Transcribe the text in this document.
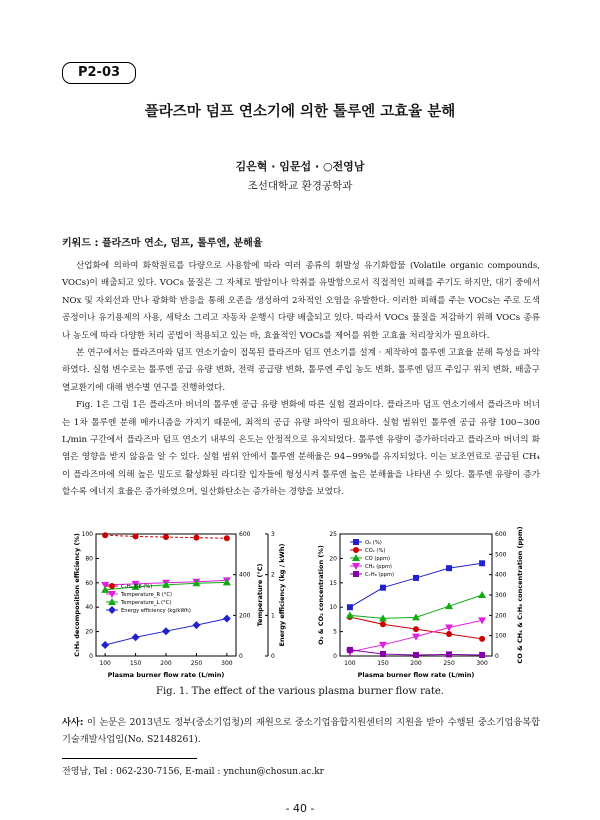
P2-03
플라즈마 덤프 연소기에 의한 톨루엔 고효율 분해
김은혁 · 임문섭 · ○전영남
조선대학교 환경공학과
키워드 : 플라즈마 연소, 덤프, 톨루엔, 분해율

산업화에 의하여 화학원료를 다량으로 사용함에 따라 여러 종류의 휘발성 유기화합물 (Volatile organic compounds, VOCs)이 배출되고 있다. VOCs 물질은 그 자체로 발암이나 악취를 유발함으로서 직접적인 피해를 주기도 하지만, 대기 중에서 NOx 및 자외선과 만나 광화학 반응을 통해 오존을 생성하여 2차적인 오염을 유발한다. 이러한 피해를 주는 VOCs는 주로 도색공정이나 유기용제의 사용, 세탁소 그리고 자동차 운행시 다량 배출되고 있다. 따라서 VOCs 물질을 저감하기 위해 VOCs 종류나 농도에 따라 다양한 처리 공법이 적용되고 있는 바, 효율적인 VOCs를 제어를 위한 고효율 처리장치가 필요하다.

본 연구에서는 플라즈마와 덤프 연소기술이 접목된 플라즈마 덤프 연소기를 설계 · 제작하여 톨루엔 고효율 분해 특성을 파악하였다. 실험 변수로는 톨루엔 공급 유량 변화, 전력 공급량 변화, 톨루엔 주입 농도 변화, 톨루엔 덤프 주입구 위치 변화, 배출구 열교환기에 대해 변수별 연구를 진행하였다.

Fig. 1은 그림 1은 플라즈마 버너의 톨루엔 공급 유량 변화에 따른 실험 결과이다. 플라즈마 덤프 연소기에서 플라즈마 버너는 1차 톨루엔 분해 메카니즘을 가지기 때문에, 최적의 공급 유량 파악이 필요하다. 실험 범위인 톨루엔 공급 유량 100~300 L/min 구간에서 플라즈마 덤프 연소기 내부의 온도는 안정적으로 유지되었다. 톨루엔 유량이 증가하더라고 플라즈마 버너의 화염은 영향을 받지 않음을 알 수 있다. 실험 범위 안에서 톨루엔 분해율은 94~99%를 유지되었다. 이는 보조연료로 공급된 CH₄이 플라즈마에 의해 높은 밀도로 활성화된 라디칼 입자들에 형성시켜 톨루엔 높은 분해율을 나타낸 수 있다. 톨루엔 유량이 증가할수록 에너지 효율은 증가하였으며, 일산화탄소는 증가하는 경향을 보였다.

100	150	200	250	300
Plasma burner flow rate (L/min)
0
20
40
60
80
100
C₇H₈ decomposition efficiency (%)	0
200
400
600
Temperature (°C)
0
1
2
3
Energy efficiency (kg / kWh)
C₇H₈ DE (%)
Temperature_R (°C)
Temperature_L (°C)
Energy efficiency (kg/kWh)
100	150	200	250	300
Plasma burner flow rate (L/min)
0
5
10
15
20
25
O₂ & CO₂ concentration (%)
0
100
200
300
400
500
600 CO & CH₄ & C₇H₈ concentration (ppm)
O₂ (%)
CO₂ (%)
CO (ppm)
CH₄ (ppm)
C₇H₈ (ppm)
Fig. 1. The effect of the various plasma burner flow rate.
사사: 이 논문은 2013년도 정부(중소기업청)의 재원으로 중소기업융합지원센터의 지원을 받아 수행된 중소기업융복합기술개발사업임(No. S2148261).
전영남, Tel : 062-230-7156, E-mail : ynchun@chosun.ac.kr
- 40 -
